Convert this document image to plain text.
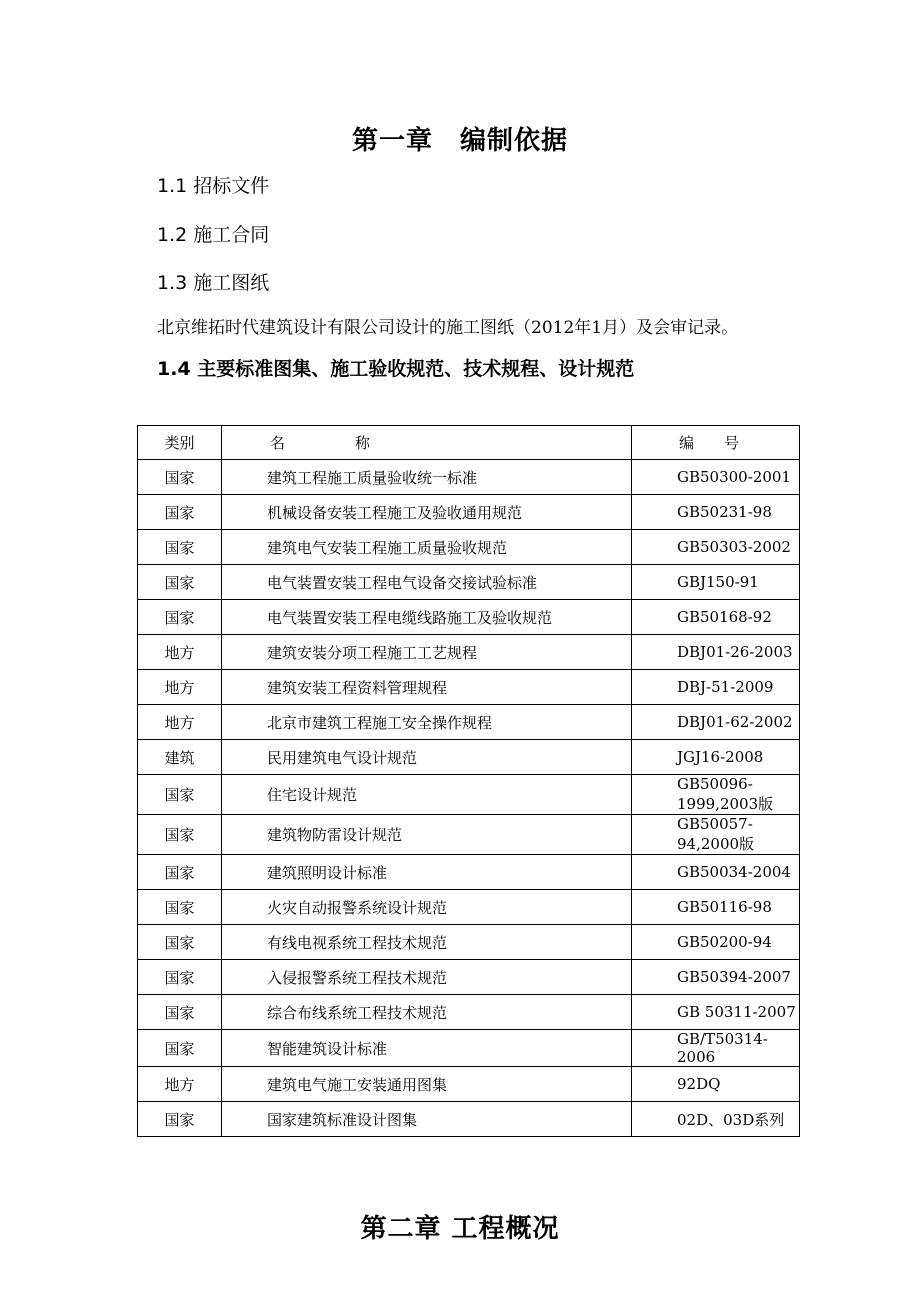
第一章　编制依据
1.1 招标文件
1.2 施工合同
1.3 施工图纸
北京维拓时代建筑设计有限公司设计的施工图纸（2012年1月）及会审记录。
1.4 主要标准图集、施工验收规范、技术规程、设计规范
类别	名　　　　称	编　　号
国家	建筑工程施工质量验收统一标准	GB50300-2001
国家	机械设备安装工程施工及验收通用规范	GB50231-98
国家	建筑电气安装工程施工质量验收规范	GB50303-2002
国家	电气装置安装工程电气设备交接试验标准	GBJ150-91
国家	电气装置安装工程电缆线路施工及验收规范	GB50168-92
地方	建筑安装分项工程施工工艺规程	DBJ01-26-2003
地方	建筑安装工程资料管理规程	DBJ-51-2009
地方	北京市建筑工程施工安全操作规程	DBJ01-62-2002
建筑	民用建筑电气设计规范	JGJ16-2008
国家	住宅设计规范	GB50096-1999,2003版
国家	建筑物防雷设计规范	GB50057-94,2000版
国家	建筑照明设计标准	GB50034-2004
国家	火灾自动报警系统设计规范	GB50116-98
国家	有线电视系统工程技术规范	GB50200-94
国家	入侵报警系统工程技术规范	GB50394-2007
国家	综合布线系统工程技术规范	GB 50311-2007
国家	智能建筑设计标准	GB/T50314-2006
地方	建筑电气施工安装通用图集	92DQ
国家	国家建筑标准设计图集	02D、03D系列
第二章 工程概况
